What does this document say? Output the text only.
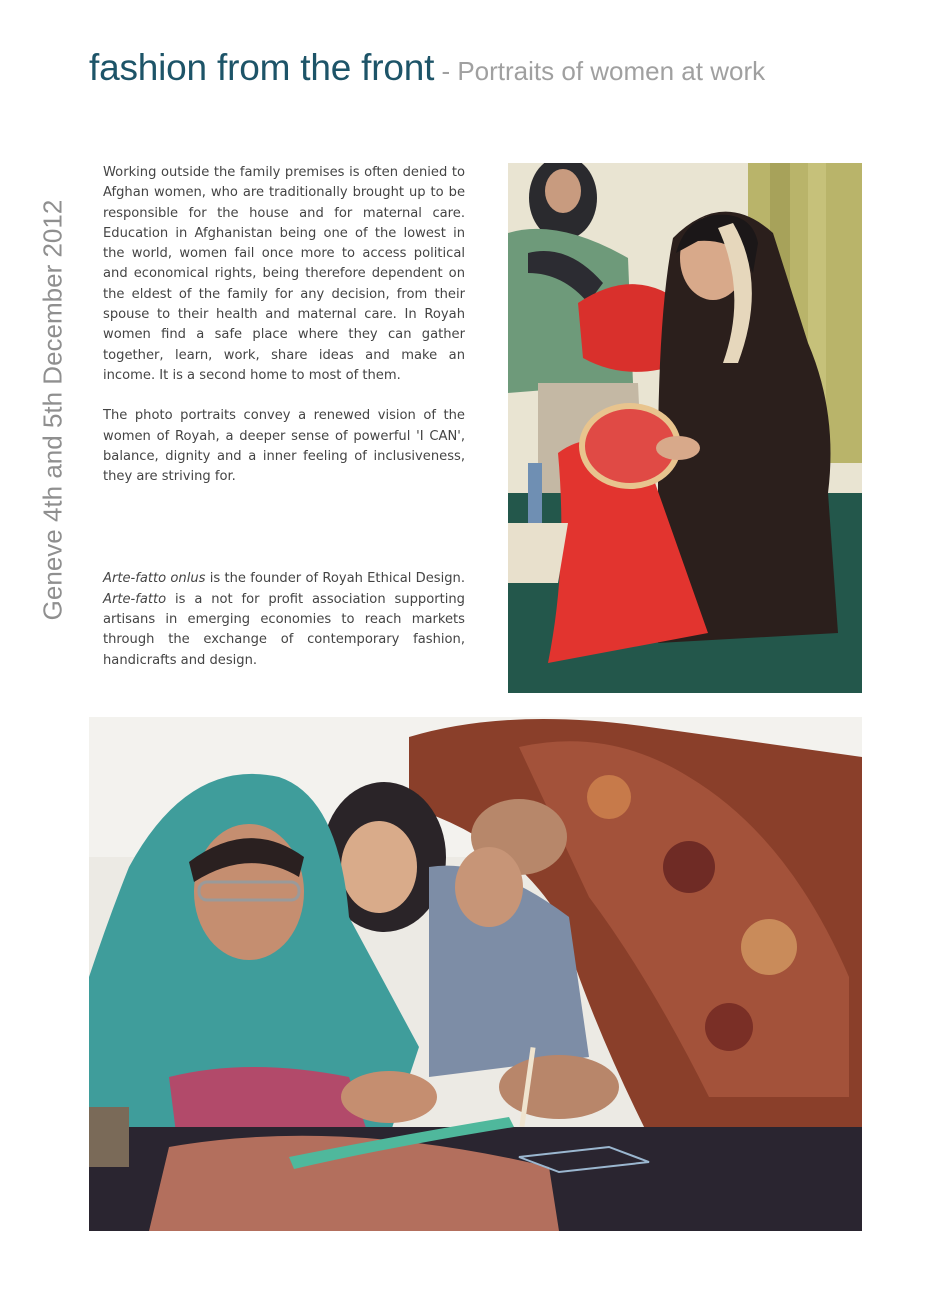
fashion from the front - Portraits of women at work
Geneve 4th and 5th December 2012

Working outside the family premises is often denied to Afghan women, who are traditionally brought up to be responsible for the house and for maternal care. Education in Afghanistan being one of the lowest in the world, women fail once more to access political and economical rights, being therefore dependent on the eldest of the family for any decision, from their spouse to their health and maternal care. In Royah women find a safe place where they can gather together, learn, work, share ideas and make an income. It is a second home to most of them.

The photo portraits convey a renewed vision of the women of Royah, a deeper sense of powerful 'I CAN', balance, dignity and a inner feeling of inclusiveness, they are striving for.

Arte-fatto onlus is the founder of Royah Ethical Design. Arte-fatto is a not for profit association supporting artisans in emerging economies to reach markets through the exchange of contemporary fashion, handicrafts and design.
